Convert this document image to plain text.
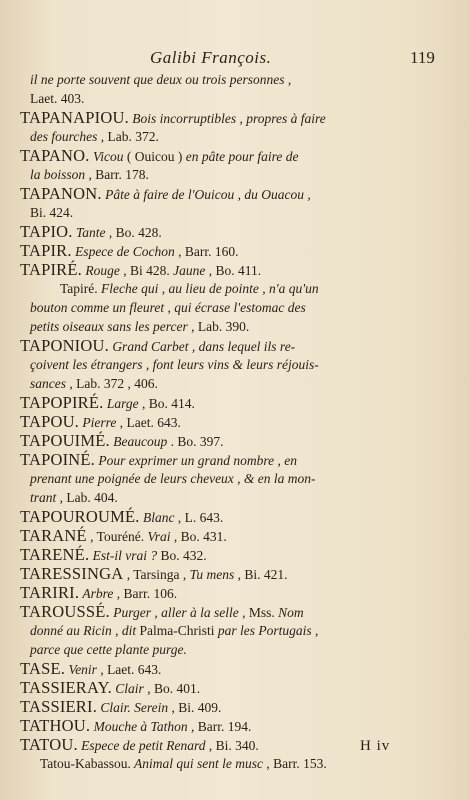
Galibi François.	119
il ne porte souvent que deux ou trois personnes ,
Laet. 403.
TAPANAPIOU. Bois incorruptibles , propres à faire
des fourches , Lab. 372.
TAPANO. Vicou ( Ouicou ) en pâte pour faire de
la boisson , Barr. 178.
TAPANON. Pâte à faire de l'Ouicou , du Ouacou ,
Bi. 424.
TAPIO. Tante , Bo. 428.
TAPIR. Espece de Cochon , Barr. 160.
TAPIRÉ. Rouge , Bi 428. Jaune , Bo. 411.
Tapiré. Fleche qui , au lieu de pointe , n'a qu'un
bouton comme un fleuret , qui écrase l'estomac des
petits oiseaux sans les percer , Lab. 390.
TAPONIOU. Grand Carbet , dans lequel ils re-
çoivent les étrangers , font leurs vins & leurs réjouis-
sances , Lab. 372 , 406.
TAPOPIRÉ. Large , Bo. 414.
TAPOU. Pierre , Laet. 643.
TAPOUIMÉ. Beaucoup . Bo. 397.
TAPOINÉ. Pour exprimer un grand nombre , en
prenant une poignée de leurs cheveux , & en la mon-
trant , Lab. 404.
TAPOUROUMÉ. Blanc , L. 643.
TARANÉ , Touréné. Vrai , Bo. 431.
TARENÉ. Est-il vrai ? Bo. 432.
TARESSINGA , Tarsinga , Tu mens , Bi. 421.
TARIRI. Arbre , Barr. 106.
TAROUSSÉ. Purger , aller à la selle , Mss. Nom
donné au Ricin , dit Palma-Christi par les Portugais ,
parce que cette plante purge.
TASE. Venir , Laet. 643.
TASSIERAY. Clair , Bo. 401.
TASSIERI. Clair. Serein , Bi. 409.
TATHOU. Mouche à Tathon , Barr. 194.
TATOU. Espece de petit Renard , Bi. 340.
Tatou-Kabassou. Animal qui sent le musc , Barr. 153.
H iv
